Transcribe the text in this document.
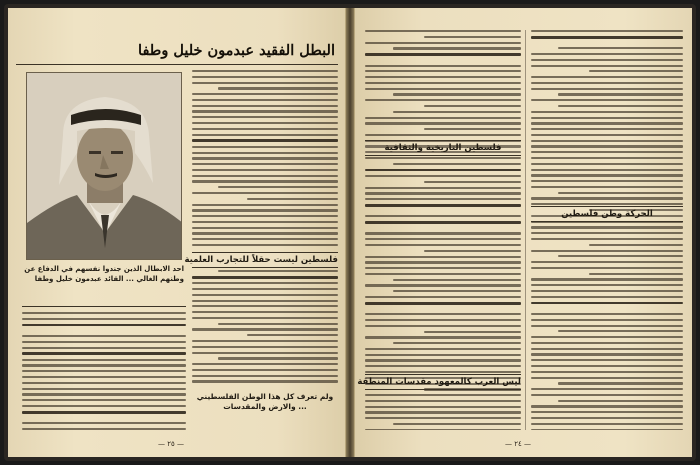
البطل الفقيد عبدمون خليل وطفا
احد الابطال الذين جندوا نفسهم في الدفاع عن وطنهم الغالي ... القائد عبدمون خليل وطفا
فلسطين ليست حقلاً للتجارب العلمية
ولم تعرف كل هذا الوطن الفلسطيني ... والارض والمقدسات
— ٢٥ —
الحركة وطن فلسطين
فلسطين التاريخية والثقافية
ليس العرب كالمعهود مقدسات المنطقة
— ٢٤ —
